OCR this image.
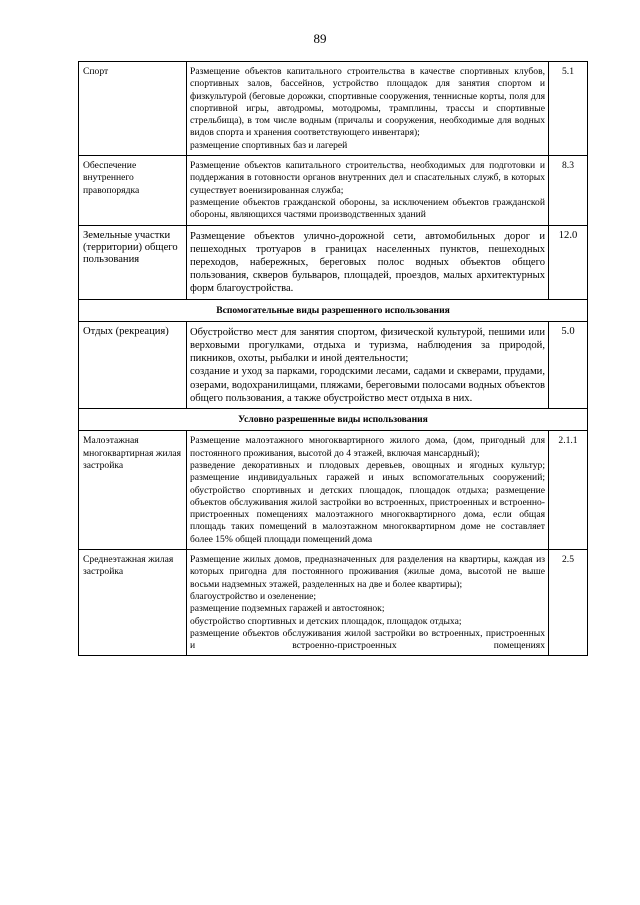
89
Спорт	Размещение объектов капитального строительства в качестве спортивных клубов, спортивных залов, бассейнов, устройство площадок для занятия спортом и физкультурой (беговые дорожки, спортивные сооружения, теннисные корты, поля для спортивной игры, автодромы, мотодромы, трамплины, трассы и спортивные стрельбища), в том числе водным (причалы и сооружения, необходимые для водных видов спорта и хранения соответствующего инвентаря);
размещение спортивных баз и лагерей	5.1
Обеспечение внутреннего правопорядка	Размещение объектов капитального строительства, необходимых для подготовки и поддержания в готовности органов внутренних дел и спасательных служб, в которых существует военизированная служба;
размещение объектов гражданской обороны, за исключением объектов гражданской обороны, являющихся частями производственных зданий	8.3
Земельные участки (территории) общего пользования	Размещение объектов улично-дорожной сети, автомобильных дорог и пешеходных тротуаров в границах населенных пунктов, пешеходных переходов, набережных, береговых полос водных объектов общего пользования, скверов бульваров, площадей, проездов, малых архитектурных форм благоустройства.	12.0
Вспомогательные виды разрешенного использования		
Отдых (рекреация)	Обустройство мест для занятия спортом, физической культурой, пешими или верховыми прогулками, отдыха и туризма, наблюдения за природой, пикников, охоты, рыбалки и иной деятельности;
создание и уход за парками, городскими лесами, садами и скверами, прудами, озерами, водохранилищами, пляжами, береговыми полосами водных объектов общего пользования, а также обустройство мест отдыха в них.	5.0
Условно разрешенные виды использования		
Малоэтажная многоквартирная жилая застройка	Размещение малоэтажного многоквартирного жилого дома, (дом, пригодный для постоянного проживания, высотой до 4 этажей, включая мансардный);
разведение декоративных и плодовых деревьев, овощных и ягодных культур; размещение индивидуальных гаражей и иных вспомогательных сооружений; обустройство спортивных и детских площадок, площадок отдыха; размещение объектов обслуживания жилой застройки во встроенных, пристроенных и встроенно-пристроенных помещениях малоэтажного многоквартирного дома, если общая площадь таких помещений в малоэтажном многоквартирном доме не составляет более 15% общей площади помещений дома	2.1.1
Среднеэтажная жилая застройка	Размещение жилых домов, предназначенных для разделения на квартиры, каждая из которых пригодна для постоянного проживания (жилые дома, высотой не выше восьми надземных этажей, разделенных на две и более квартиры);
благоустройство и озеленение;
размещение подземных гаражей и автостоянок;
обустройство спортивных и детских площадок, площадок отдыха;
размещение объектов обслуживания жилой застройки во встроенных, пристроенных и встроенно-пристроенных помещениях	2.5
